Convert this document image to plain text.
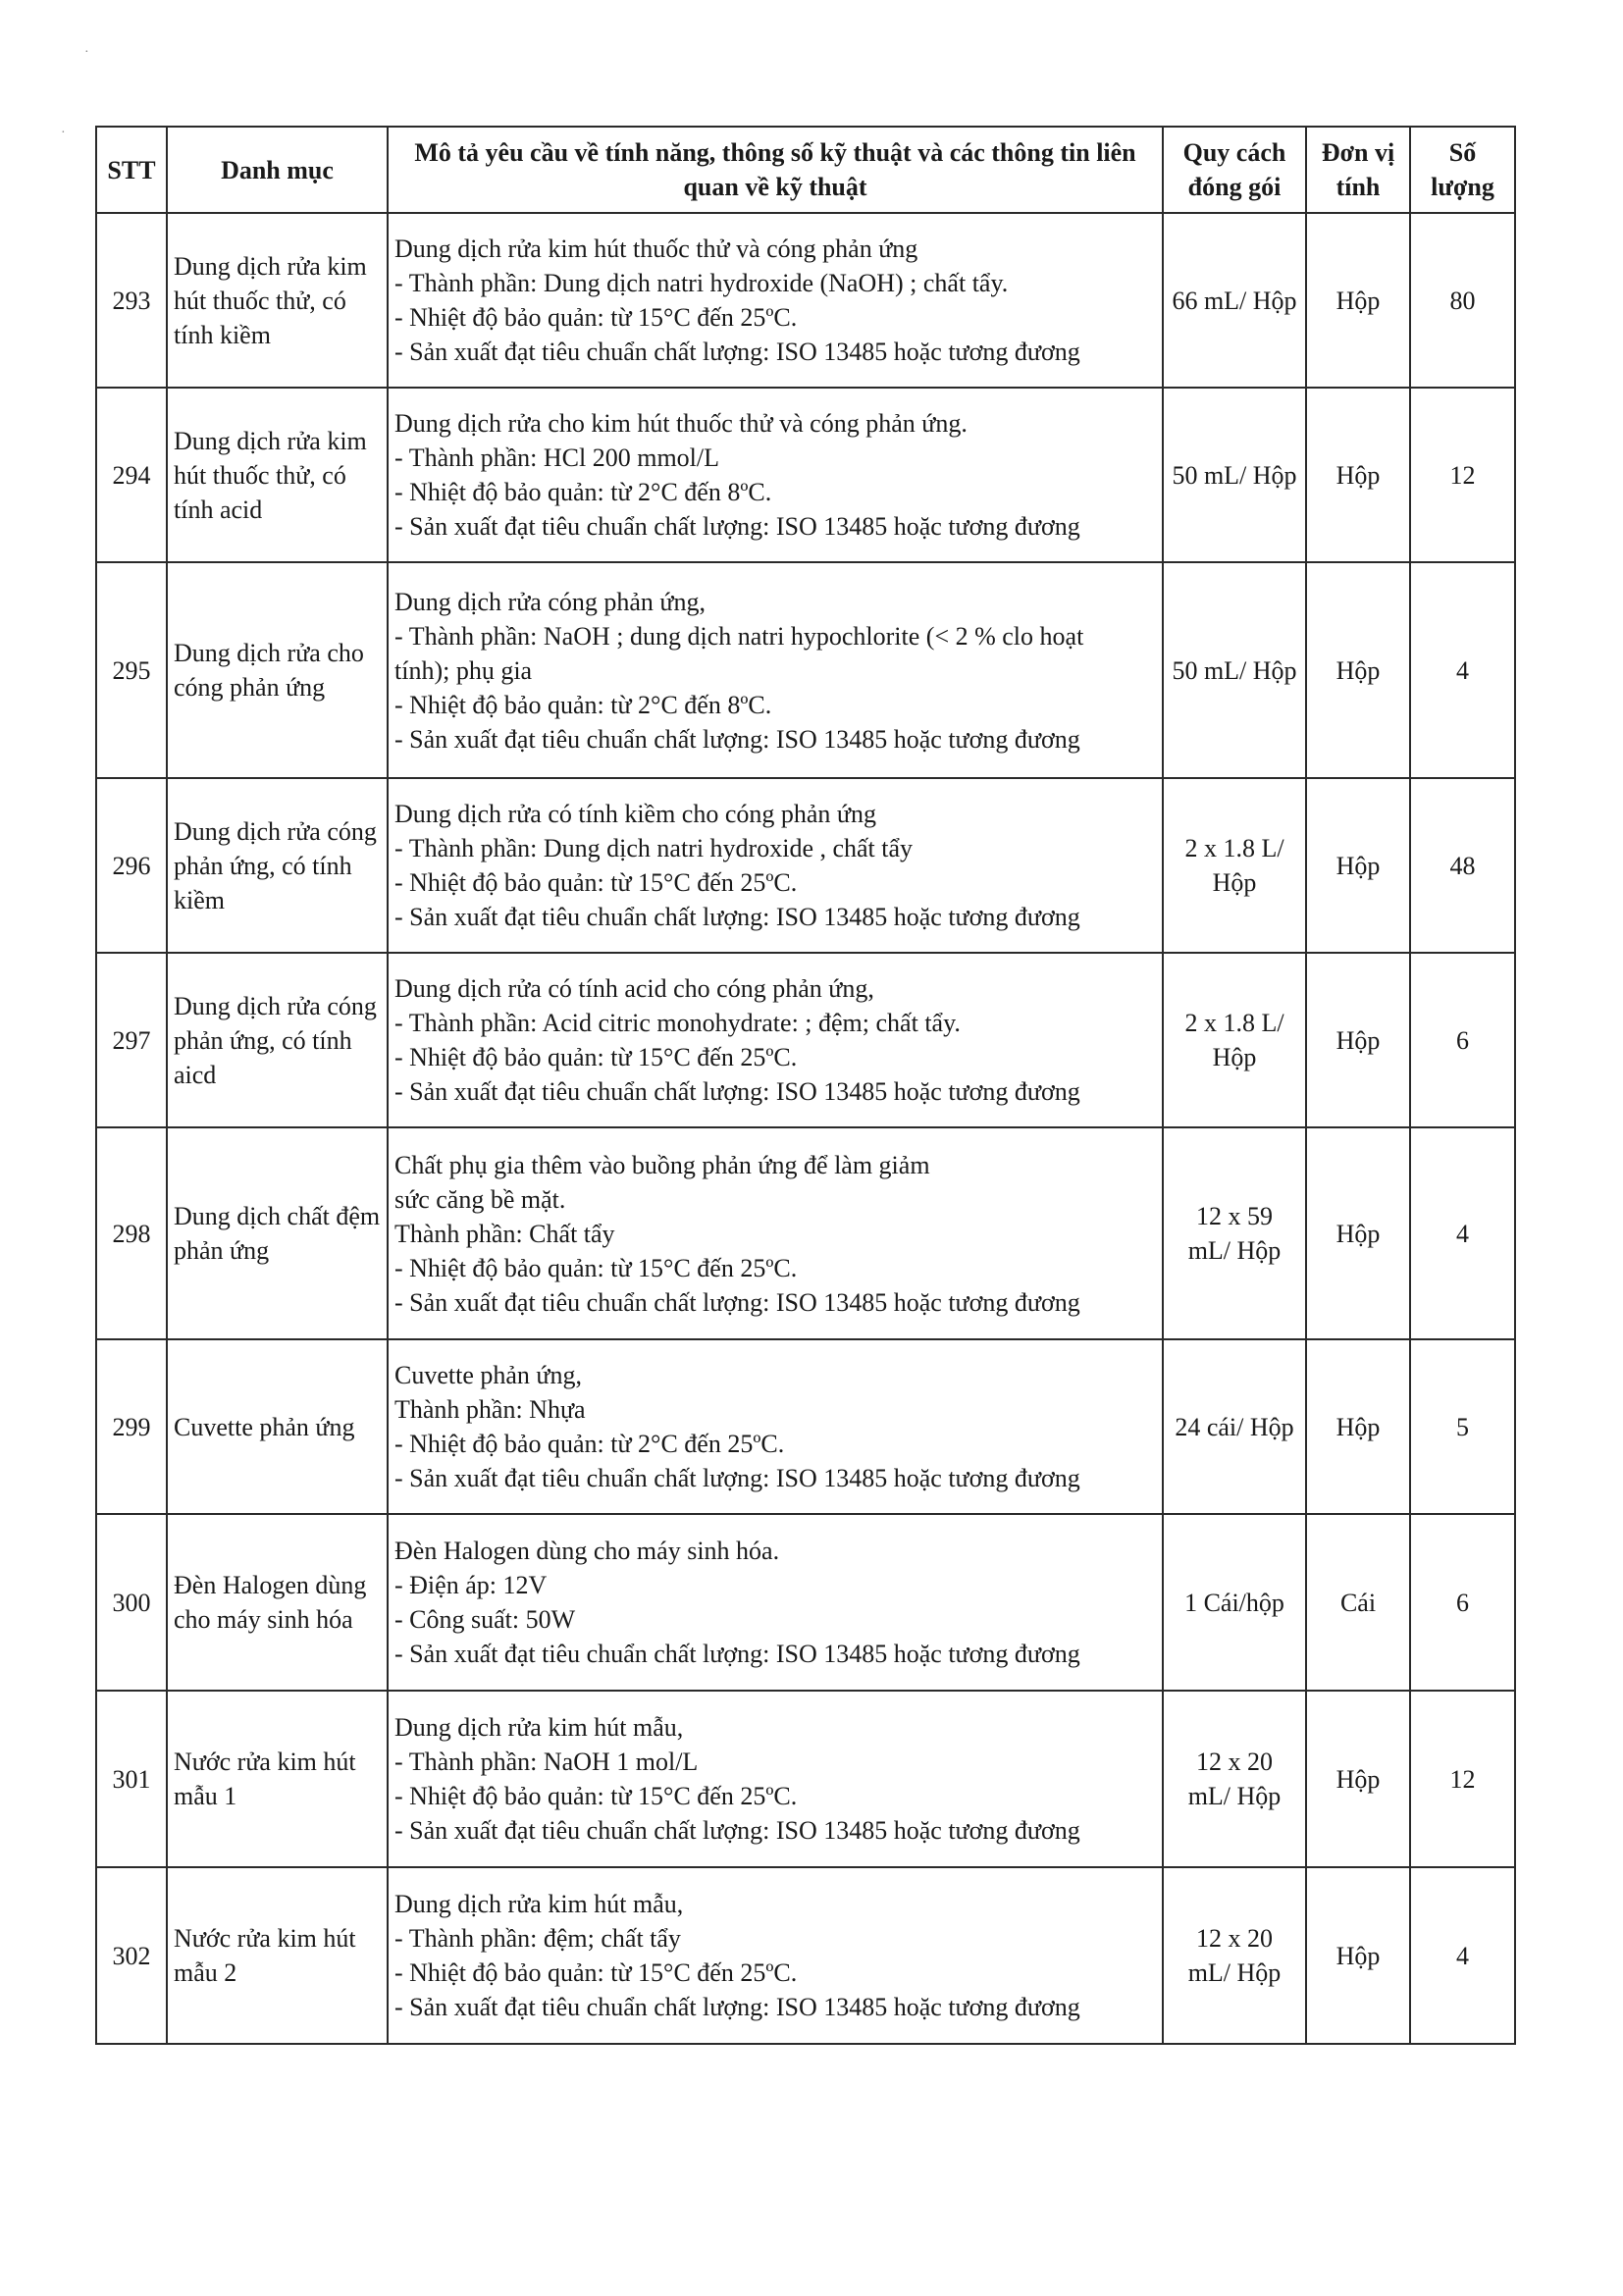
·
·
STT	Danh mục	Mô tả yêu cầu về tính năng, thông số kỹ thuật và các thông tin liên quan về kỹ thuật	Quy cách đóng gói	Đơn vị tính	Số lượng
293	Dung dịch rửa kim hút thuốc thử, có tính kiềm	Dung dịch rửa kim hút thuốc thử và cóng phản ứng
- Thành phần: Dung dịch natri hydroxide (NaOH) ; chất tẩy.
- Nhiệt độ bảo quản: từ 15°C đến 25ºC.
- Sản xuất đạt tiêu chuẩn chất lượng: ISO 13485 hoặc tương đương	66 mL/ Hộp	Hộp	80
294	Dung dịch rửa kim hút thuốc thử, có tính acid	Dung dịch rửa cho kim hút thuốc thử và cóng phản ứng.
- Thành phần: HCl 200 mmol/L
- Nhiệt độ bảo quản: từ 2°C đến 8ºC.
- Sản xuất đạt tiêu chuẩn chất lượng: ISO 13485 hoặc tương đương	50 mL/ Hộp	Hộp	12
295	Dung dịch rửa cho cóng phản ứng	Dung dịch rửa cóng phản ứng,
- Thành phần: NaOH ; dung dịch natri hypochlorite (< 2 % clo hoạt
tính); phụ gia
- Nhiệt độ bảo quản: từ 2°C đến 8ºC.
- Sản xuất đạt tiêu chuẩn chất lượng: ISO 13485 hoặc tương đương	50 mL/ Hộp	Hộp	4
296	Dung dịch rửa cóng phản ứng, có tính kiềm	Dung dịch rửa có tính kiềm cho cóng phản ứng
- Thành phần: Dung dịch natri hydroxide , chất tẩy
- Nhiệt độ bảo quản: từ 15°C đến 25ºC.
- Sản xuất đạt tiêu chuẩn chất lượng: ISO 13485 hoặc tương đương	2 x 1.8 L/
Hộp	Hộp	48
297	Dung dịch rửa cóng phản ứng, có tính aicd	Dung dịch rửa có tính acid cho cóng phản ứng,
- Thành phần: Acid citric monohydrate: ; đệm; chất tẩy.
- Nhiệt độ bảo quản: từ 15°C đến 25ºC.
- Sản xuất đạt tiêu chuẩn chất lượng: ISO 13485 hoặc tương đương	2 x 1.8 L/
Hộp	Hộp	6
298	Dung dịch chất đệm phản ứng	Chất phụ gia thêm vào buồng phản ứng để làm giảm
sức căng bề mặt.
Thành phần: Chất tẩy
- Nhiệt độ bảo quản: từ 15°C đến 25ºC.
- Sản xuất đạt tiêu chuẩn chất lượng: ISO 13485 hoặc tương đương	12 x 59
mL/ Hộp	Hộp	4
299	Cuvette phản ứng	Cuvette phản ứng,
Thành phần: Nhựa
- Nhiệt độ bảo quản: từ 2°C đến 25ºC.
- Sản xuất đạt tiêu chuẩn chất lượng: ISO 13485 hoặc tương đương	24 cái/ Hộp	Hộp	5
300	Đèn Halogen dùng cho máy sinh hóa	Đèn Halogen dùng cho máy sinh hóa.
- Điện áp: 12V
- Công suất: 50W
- Sản xuất đạt tiêu chuẩn chất lượng: ISO 13485 hoặc tương đương	1 Cái/hộp	Cái	6
301	Nước rửa kim hút mẫu 1	Dung dịch rửa kim hút mẫu,
- Thành phần: NaOH 1 mol/L
- Nhiệt độ bảo quản: từ 15°C đến 25ºC.
- Sản xuất đạt tiêu chuẩn chất lượng: ISO 13485 hoặc tương đương	12 x 20
mL/ Hộp	Hộp	12
302	Nước rửa kim hút mẫu 2	Dung dịch rửa kim hút mẫu,
- Thành phần: đệm; chất tẩy
- Nhiệt độ bảo quản: từ 15°C đến 25ºC.
- Sản xuất đạt tiêu chuẩn chất lượng: ISO 13485 hoặc tương đương	12 x 20
mL/ Hộp	Hộp	4
